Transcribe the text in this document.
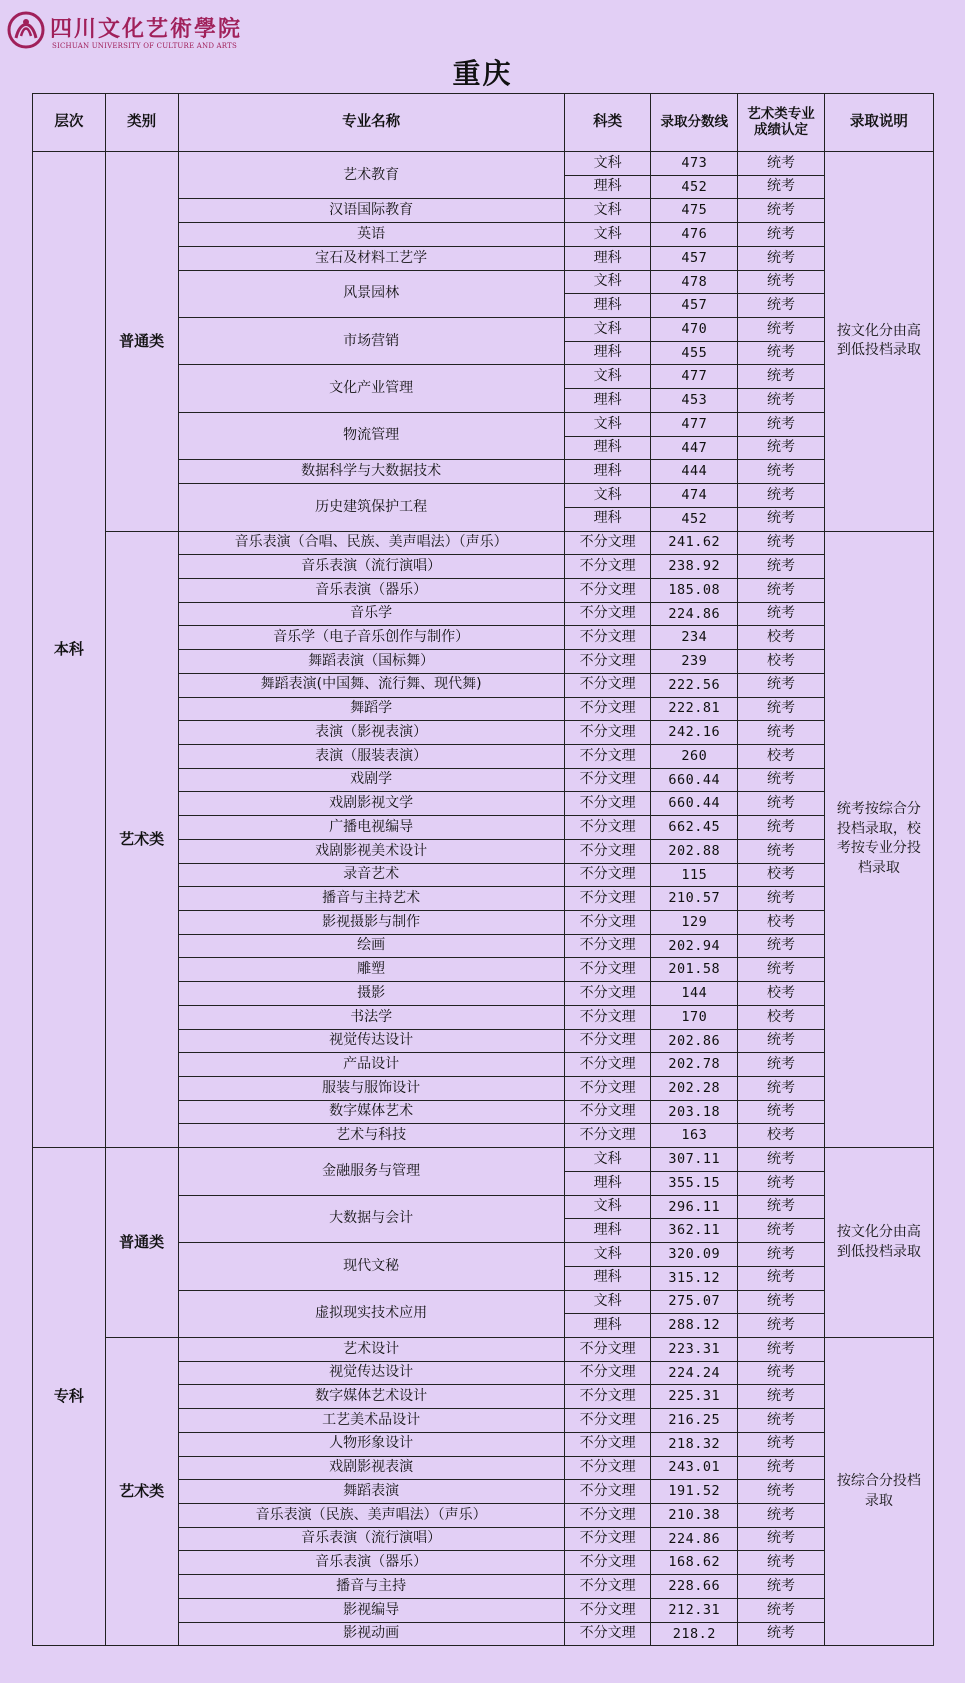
四川文化艺術學院
SICHUAN UNIVERSITY OF CULTURE AND ARTS
重庆
层次	类别	专业名称	科类	录取分数线	艺术类专业成绩认定	录取说明
本科	普通类	艺术教育	文科	473	统考	按文化分由高到低投档录取
			理科	452	统考	
		汉语国际教育	文科	475	统考	
		英语	文科	476	统考	
		宝石及材料工艺学	理科	457	统考	
		风景园林	文科	478	统考	
			理科	457	统考	
		市场营销	文科	470	统考	
			理科	455	统考	
		文化产业管理	文科	477	统考	
			理科	453	统考	
		物流管理	文科	477	统考	
			理科	447	统考	
		数据科学与大数据技术	理科	444	统考	
		历史建筑保护工程	文科	474	统考	
			理科	452	统考	
	艺术类	音乐表演（合唱、民族、美声唱法）（声乐）	不分文理	241.62	统考	统考按综合分投档录取，校考按专业分投档录取
		音乐表演（流行演唱）	不分文理	238.92	统考	
		音乐表演（器乐）	不分文理	185.08	统考	
		音乐学	不分文理	224.86	统考	
		音乐学（电子音乐创作与制作）	不分文理	234	校考	
		舞蹈表演（国标舞）	不分文理	239	校考	
		舞蹈表演(中国舞、流行舞、现代舞)	不分文理	222.56	统考	
		舞蹈学	不分文理	222.81	统考	
		表演（影视表演）	不分文理	242.16	统考	
		表演（服装表演）	不分文理	260	校考	
		戏剧学	不分文理	660.44	统考	
		戏剧影视文学	不分文理	660.44	统考	
		广播电视编导	不分文理	662.45	统考	
		戏剧影视美术设计	不分文理	202.88	统考	
		录音艺术	不分文理	115	校考	
		播音与主持艺术	不分文理	210.57	统考	
		影视摄影与制作	不分文理	129	校考	
		绘画	不分文理	202.94	统考	
		雕塑	不分文理	201.58	统考	
		摄影	不分文理	144	校考	
		书法学	不分文理	170	校考	
		视觉传达设计	不分文理	202.86	统考	
		产品设计	不分文理	202.78	统考	
		服装与服饰设计	不分文理	202.28	统考	
		数字媒体艺术	不分文理	203.18	统考	
		艺术与科技	不分文理	163	校考	
专科	普通类	金融服务与管理	文科	307.11	统考	按文化分由高到低投档录取
			理科	355.15	统考	
		大数据与会计	文科	296.11	统考	
			理科	362.11	统考	
		现代文秘	文科	320.09	统考	
			理科	315.12	统考	
		虚拟现实技术应用	文科	275.07	统考	
			理科	288.12	统考	
	艺术类	艺术设计	不分文理	223.31	统考	按综合分投档录取
		视觉传达设计	不分文理	224.24	统考	
		数字媒体艺术设计	不分文理	225.31	统考	
		工艺美术品设计	不分文理	216.25	统考	
		人物形象设计	不分文理	218.32	统考	
		戏剧影视表演	不分文理	243.01	统考	
		舞蹈表演	不分文理	191.52	统考	
		音乐表演（民族、美声唱法）（声乐）	不分文理	210.38	统考	
		音乐表演（流行演唱）	不分文理	224.86	统考	
		音乐表演（器乐）	不分文理	168.62	统考	
		播音与主持	不分文理	228.66	统考	
		影视编导	不分文理	212.31	统考	
		影视动画	不分文理	218.2	统考	
